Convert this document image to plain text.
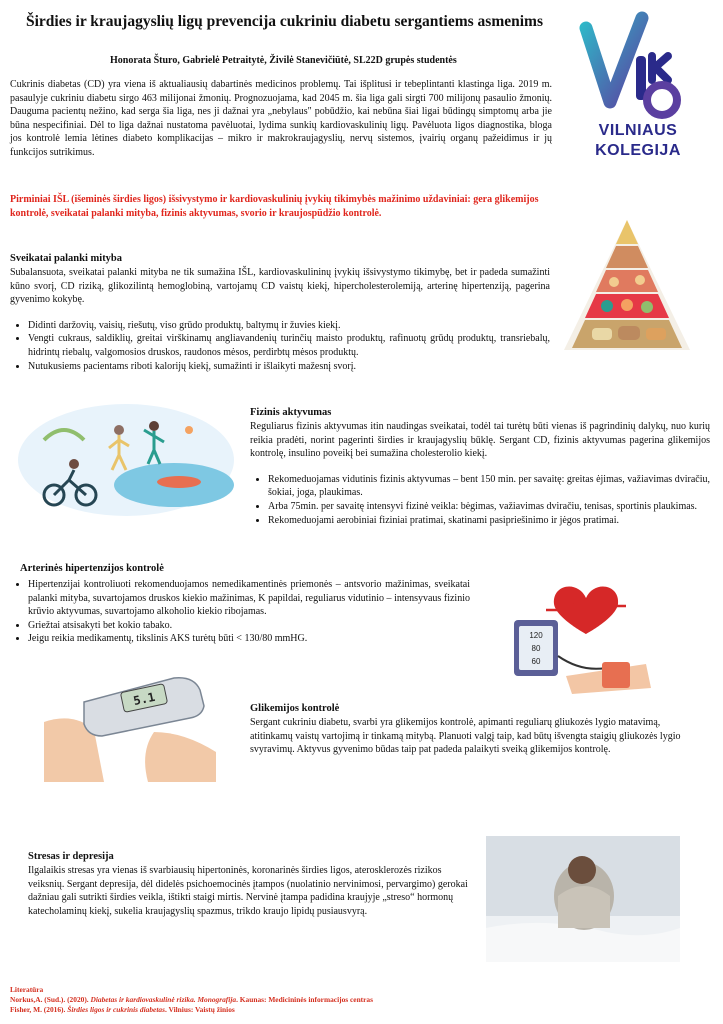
Širdies ir kraujagyslių ligų prevencija cukriniu diabetu sergantiems asmenims
Honorata Šturo, Gabrielė Petraitytė, Živilė Stanevičiūtė, SL22D grupės studentės
VILNIAUS
KOLEGIJA
Cukrinis diabetas (CD) yra viena iš aktualiausių dabartinės medicinos problemų. Tai išplitusi ir tebeplintanti klastinga liga. 2019 m. pasaulyje cukriniu diabetu sirgo 463 milijonai žmonių. Prognozuojama, kad 2045 m. šia liga gali sirgti 700 milijonų pasaulio žmonių. Dauguma pacientų nežino, kad serga šia liga, nes ji dažnai yra „nebylaus" pobūdžio, kai nebūna šiai ligai būdingų simptomų arba jie būna nespecifiniai. Dėl to liga dažnai nustatoma pavėluotai, lydima sunkių kardiovaskulinių ligų. Pavėluota ligos diagnostika, bloga jos kontrolė lemia lėtines diabeto komplikacijas – mikro ir makrokraujagyslių, nervų sistemos, įvairių organų pažeidimus ir jų funkcijos sutrikimus.
Pirminiai IŠL (išeminės širdies ligos) išsivystymo ir kardiovaskulinių įvykių tikimybės mažinimo uždaviniai: gera glikemijos kontrolė, sveikatai palanki mityba, fizinis aktyvumas, svorio ir kraujospūdžio kontrolė.
Sveikatai palanki mityba
Subalansuota, sveikatai palanki mityba ne tik sumažina IŠL, kardiovaskulininų įvykių išsivystymo tikimybę, bet ir padeda sumažinti kūno svorį, CD riziką, glikozilintą hemoglobiną, vartojamų CD vaistų kiekį, hipercholesterolemiją, arterinę hipertenziją, pagerina gyvenimo kokybę.
• Didinti daržovių, vaisių, riešutų, viso grūdo produktų, baltymų ir žuvies kiekį.
• Vengti cukraus, saldiklių, greitai virškinamų angliavandenių turinčių maisto produktų, rafinuotų grūdų produktų, transriebalų, hidrintų riebalų, valgomosios druskos, raudonos mėsos, perdirbtų mėsos produktų.
• Nutukusiems pacientams riboti kalorijų kiekį, sumažinti ir išlaikyti mažesnį svorį.
Fizinis aktyvumas
Reguliarus fizinis aktyvumas itin naudingas sveikatai, todėl tai turėtų būti vienas iš pagrindinių dalykų, nuo kurių reikia pradėti, norint pagerinti širdies ir kraujagyslių būklę. Sergant CD, fizinis aktyvumas pagerina glikemijos kontrolę, insulino poveikį bei sumažina cholesterolio kiekį.
• Rekomeduojamas vidutinis fizinis aktyvumas – bent 150 min. per savaitę: greitas ėjimas, važiavimas dviračiu, šokiai, joga, plaukimas.
• Arba 75min. per savaitę intensyvi fizinė veikla: bėgimas, važiavimas dviračiu, tenisas, sportinis plaukimas.
• Rekomeduojami aerobiniai fiziniai pratimai, skatinami pasipriešinimo ir jėgos pratimai.
Arterinės hipertenzijos kontrolė
• Hipertenzijai kontroliuoti rekomenduojamos nemedikamentinės priemonės – antsvorio mažinimas, sveikatai palanki mityba, suvartojamos druskos kiekio mažinimas, K papildai, reguliarus vidutinio – intensyvaus fizinio krūvio aktyvumas, suvartojamo alkoholio kiekio ribojamas.
• Griežtai atsisakyti bet kokio tabako.
• Jeigu reikia medikamentų, tikslinis AKS turėtų būti < 130/80 mmHG.	120
80
60
5.1
Glikemijos kontrolė
Sergant cukriniu diabetu, svarbi yra glikemijos kontrolė, apimanti reguliarų gliukozės lygio matavimą, atitinkamų vaistų vartojimą ir tinkamą mitybą. Planuoti valgį taip, kad būtų išvengta staigių gliukozės lygio svyravimų. Aktyvus gyvenimo būdas taip pat padeda palaikyti sveiką glikemijos kontrolę.
Stresas ir depresija
Ilgalaikis stresas yra vienas iš svarbiausių hipertoninės, koronarinės širdies ligos, aterosklerozės rizikos veiksnių. Sergant depresija, dėl didelės psichoemocinės įtampos (nuolatinio nervinimosi, pervargimo) gerokai dažniau gali sutrikti širdies veikla, ištikti staigi mirtis. Nervinė įtampa padidina kraujyje „streso“ hormonų katecholaminų kiekį, sukelia kraujagyslių spazmus, trikdo kraujo lipidų pusiausvyrą.
Literatūra
Norkus,A. (Sud.). (2020). Diabetas ir kardiovaskulinė rizika. Monografija. Kaunas: Medicininės informacijos centras
Fisher, M. (2016). Širdies ligos ir cukrinis diabetas. Vilnius: Vaistų žinios
